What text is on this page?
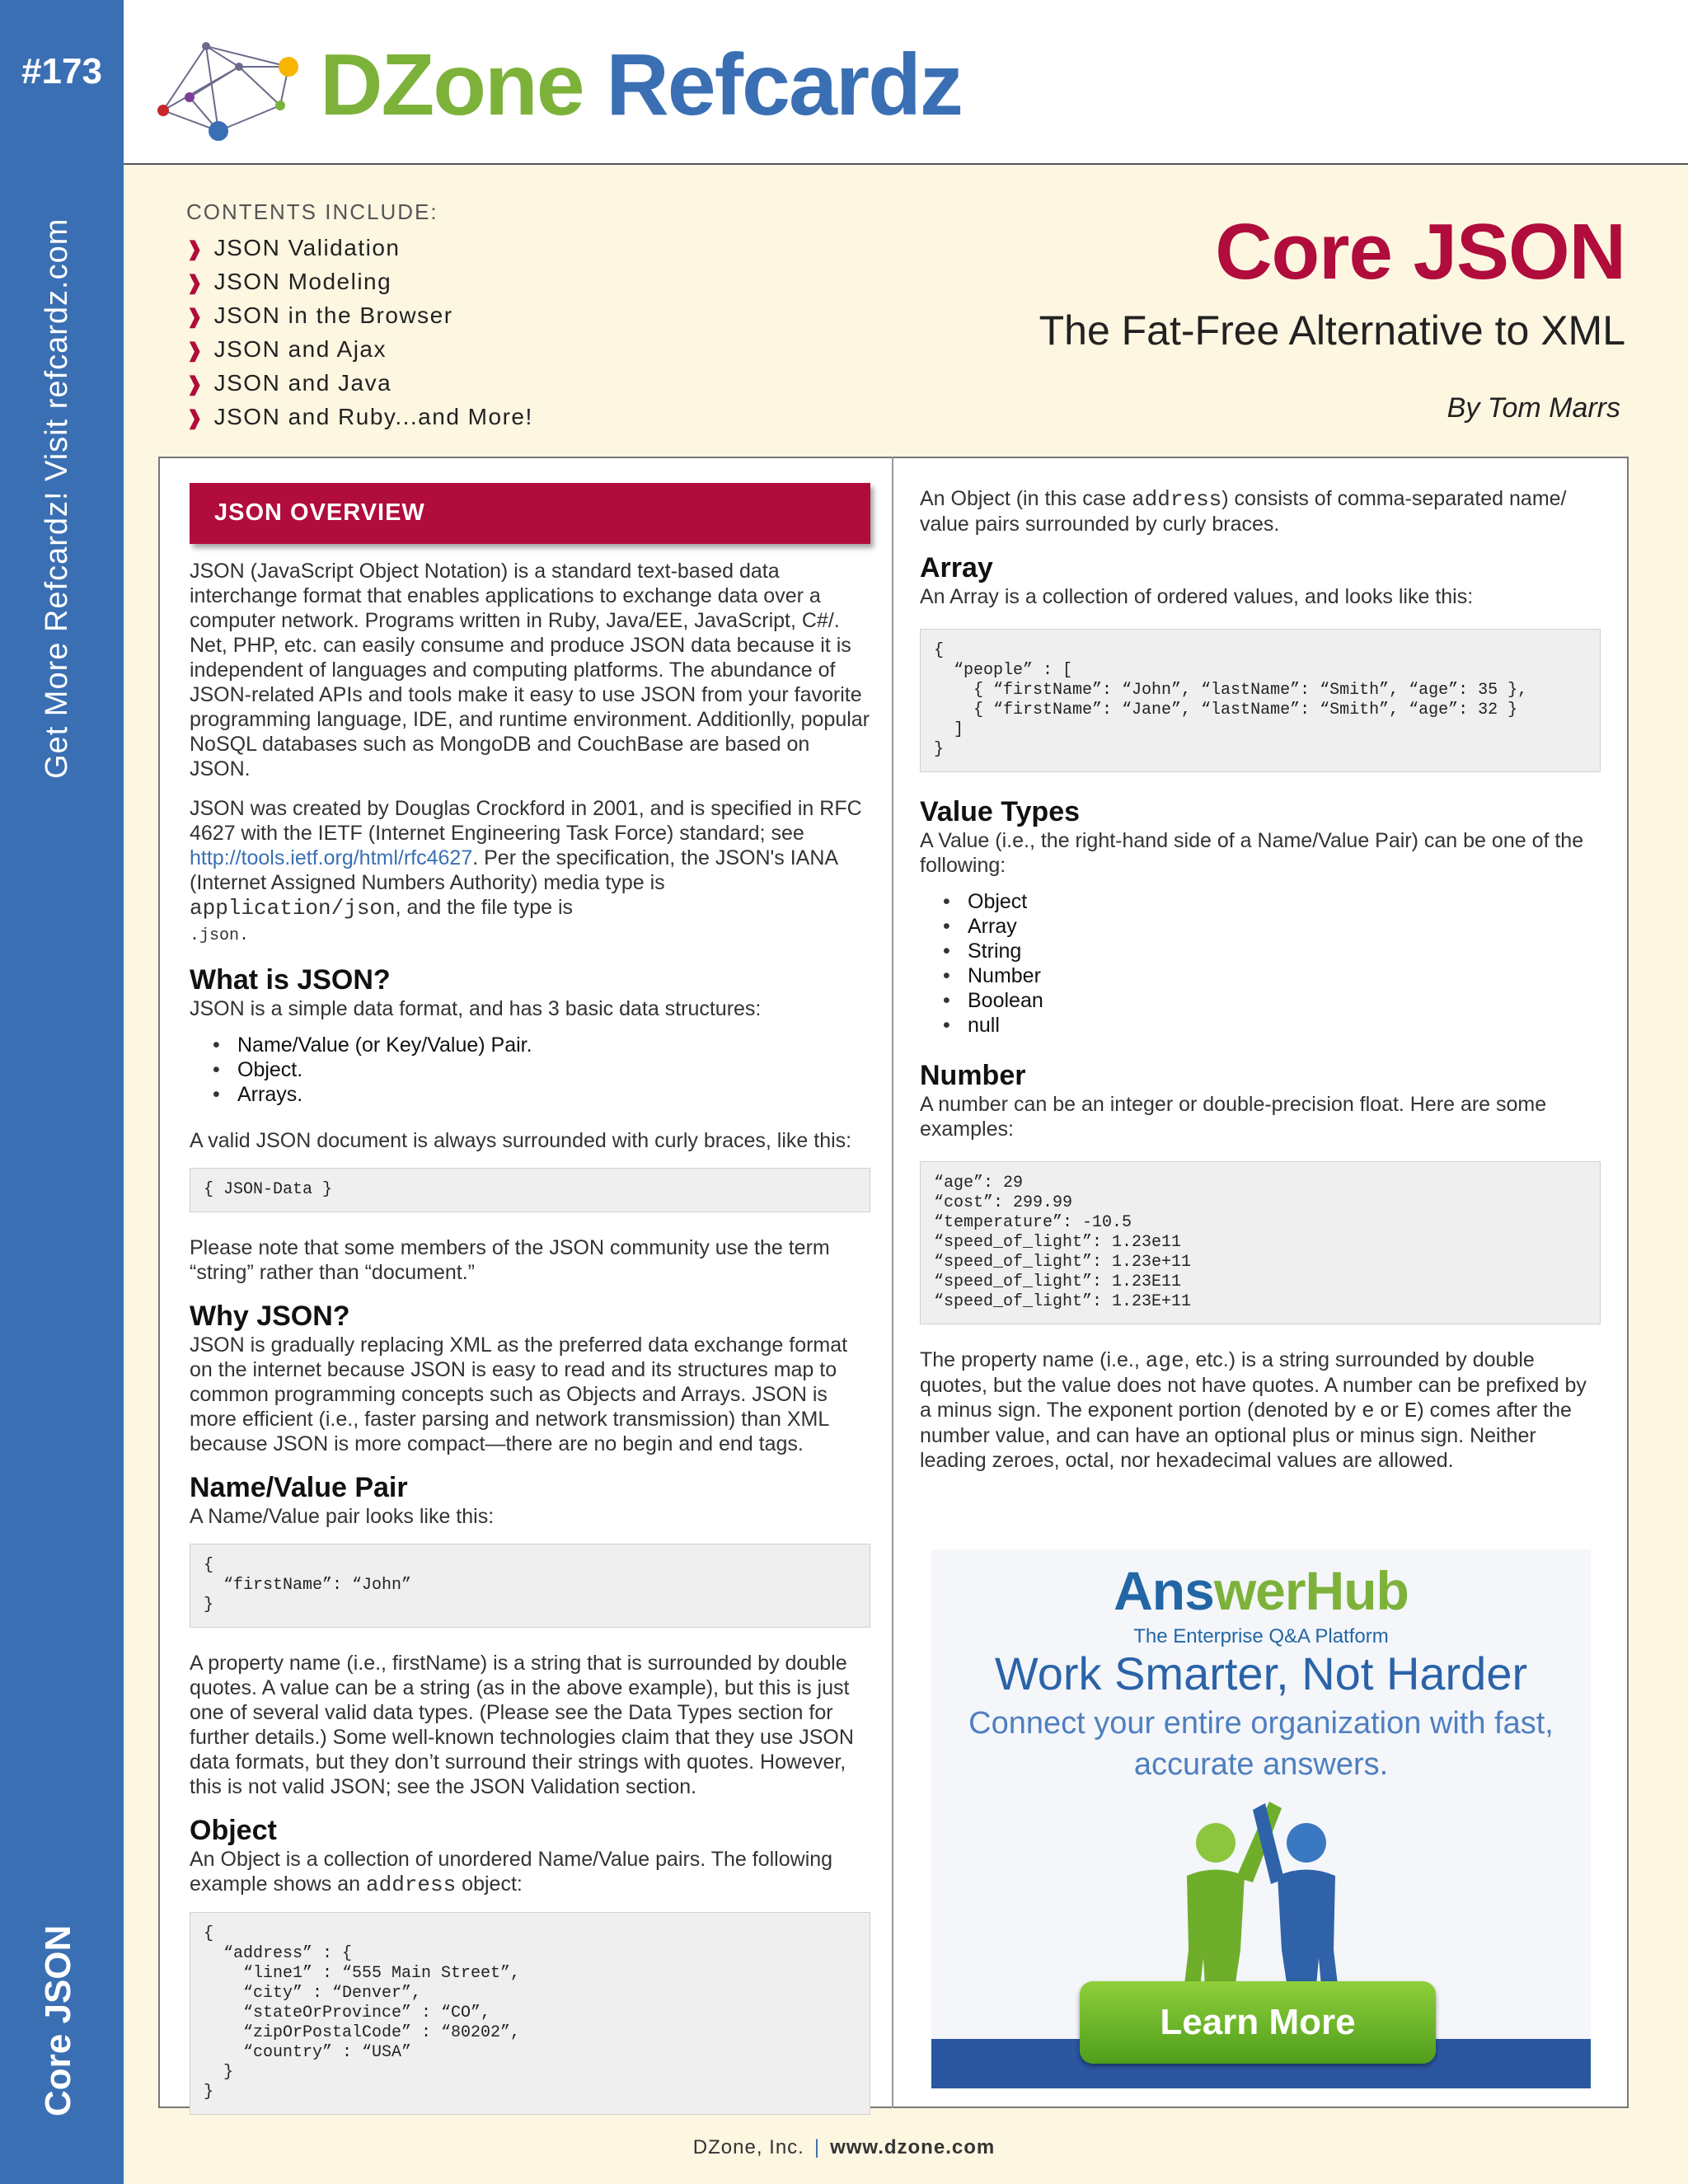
#173
Get More Refcardz! Visit refcardz.com
Core JSON
DZone Refcardz
CONTENTS INCLUDE:
❱ JSON Validation
❱ JSON Modeling
❱ JSON in the Browser
❱ JSON and Ajax
❱ JSON and Java
❱ JSON and Ruby...and More!
Core JSON
The Fat-Free Alternative to XML
By Tom Marrs
JSON OVERVIEW

JSON (JavaScript Object Notation) is a standard text-based data interchange format that enables applications to exchange data over a computer network. Programs written in Ruby, Java/EE, JavaScript, C#/. Net, PHP, etc. can easily consume and produce JSON data because it is independent of languages and computing platforms. The abundance of JSON-related APIs and tools make it easy to use JSON from your favorite programming language, IDE, and runtime environment. Additionlly, popular NoSQL databases such as MongoDB and CouchBase are based on JSON.

JSON was created by Douglas Crockford in 2001, and is specified in RFC 4627 with the IETF (Internet Engineering Task Force) standard; see http://tools.ietf.org/html/rfc4627. Per the specification, the JSON's IANA (Internet Assigned Numbers Authority) media type is application/json, and the file type is
.json.

What is JSON?

JSON is a simple data format, and has 3 basic data structures:

• Name/Value (or Key/Value) Pair.
• Object.
• Arrays.

A valid JSON document is always surrounded with curly braces, like this:

{ JSON-Data }

Please note that some members of the JSON community use the term “string” rather than “document.”

Why JSON?

JSON is gradually replacing XML as the preferred data exchange format on the internet because JSON is easy to read and its structures map to common programming concepts such as Objects and Arrays. JSON is more efficient (i.e., faster parsing and network transmission) than XML because JSON is more compact—there are no begin and end tags.

Name/Value Pair

A Name/Value pair looks like this:

{
“firstName”: “John”
}

A property name (i.e., firstName) is a string that is surrounded by double quotes. A value can be a string (as in the above example), but this is just one of several valid data types. (Please see the Data Types section for further details.) Some well-known technologies claim that they use JSON data formats, but they don’t surround their strings with quotes. However, this is not valid JSON; see the JSON Validation section.

Object

An Object is a collection of unordered Name/Value pairs. The following example shows an address object:

{
“address” : {
“line1” : “555 Main Street”,
“city” : “Denver”,
“stateOrProvince” : “CO”,
“zipOrPostalCode” : “80202”,
“country” : “USA”
}
}

An Object (in this case address) consists of comma-separated name/ value pairs surrounded by curly braces.

Array

An Array is a collection of ordered values, and looks like this:

{
“people” : [
{ “firstName”: “John”, “lastName”: “Smith”, “age”: 35 },
{ “firstName”: “Jane”, “lastName”: “Smith”, “age”: 32 }
]
}
Value Types

A Value (i.e., the right-hand side of a Name/Value Pair) can be one of the following:

• Object
• Array
• String
• Number
• Boolean
• null
Number

A number can be an integer or double-precision float. Here are some examples:

“age”: 29
“cost”: 299.99
“temperature”: -10.5
“speed_of_light”: 1.23e11
“speed_of_light”: 1.23e+11
“speed_of_light”: 1.23E11
“speed_of_light”: 1.23E+11

The property name (i.e., age, etc.) is a string surrounded by double quotes, but the value does not have quotes. A number can be prefixed by a minus sign. The exponent portion (denoted by e or E) comes after the number value, and can have an optional plus or minus sign. Neither leading zeroes, octal, nor hexadecimal values are allowed.

AnswerHub
The Enterprise Q&A Platform
Work Smarter, Not Harder
Connect your entire organization with fast, accurate answers.
Learn More
DZone, Inc. | www.dzone.com
